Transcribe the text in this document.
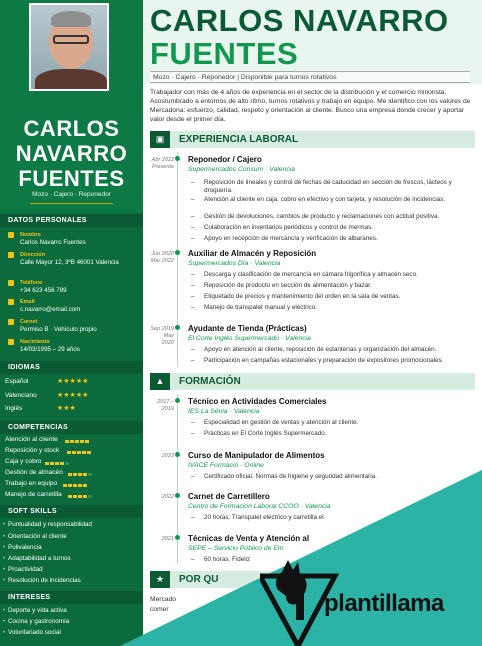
CARLOS
NAVARRO
FUENTES
Mozo · Cajero · Reponedor
DATOS PERSONALES
Nombre
Carlos Navarro Fuentes
Dirección
Calle Mayor 12, 3ºB 46001 Valencia
Teléfono
+34 623 456 789
Email
c.navarro@email.com
Carnet
Permiso B · Vehículo propio
Nacimiento
14/03/1995 – 29 años
IDIOMAS
Español	★★★★★
Valenciano	★★★★★
Inglés	★★★
COMPETENCIAS
Atención al cliente
Reposición y stock
Caja y cobro
Gestión de almacén
Trabajo en equipo
Manejo de carretilla
SOFT SKILLS
• Puntualidad y responsabilidad
• Orientación al cliente
• Polivalencia
• Adaptabilidad a turnos
• Proactividad
• Resolución de incidencias
INTERESES
• Deporte y vida activa
• Cocina y gastronomía
• Voluntariado social
CARLOS NAVARRO
FUENTES
Mozo · Cajero · Reponedor | Disponible para turnos rotativos
Trabajador con más de 4 años de experiencia en el sector de la distribución y el comercio minorista. Acostumbrado a entornos de alto ritmo, turnos rotativos y trabajo en equipo. Me identifico con los valores de Mercadona: esfuerzo, calidad, respeto y orientación al cliente. Busco una empresa donde crecer y aportar valor desde el primer día.
▣	EXPERIENCIA LABORAL
Abr 2022 Presente
Reponedor / Cajero
Supermercados Consum · Valencia
– Reposición de lineales y control de fechas de caducidad en sección de frescos, lácteos y droguería.
– Atención al cliente en caja, cobro en efectivo y con tarjeta, y resolución de incidencias.
– Gestión de devoluciones, cambios de producto y reclamaciones con actitud positiva.
– Colaboración en inventarios periódicos y control de mermas.
– Apoyo en recepción de mercancía y verificación de albaranes.
Jun 2020 Mar 2022
Auxiliar de Almacén y Reposición
Supermercados Día · Valencia
– Descarga y clasificación de mercancía en cámara frigorífica y almacén seco.
– Reposición de producto en sección de alimentación y bazar.
– Etiquetado de precios y mantenimiento del orden en la sala de ventas.
– Manejo de transpalet manual y eléctrico.
Sep 2019 May 2020
Ayudante de Tienda (Prácticas)
El Corte Inglés Supermercado · Valencia
– Apoyo en atención al cliente, reposición de estanterías y organización del almacén.
– Participación en campañas estacionales y preparación de expositores promocionales.
▲	FORMACIÓN
2017 – 2019
Técnico en Actividades Comerciales
IES La Sénia · Valencia
– Especialidad en gestión de ventas y atención al cliente.
– Prácticas en El Corte Inglés Supermercado.
2023 Curso de Manipulador de Alimentos
IVACE Formació · Online
– Certificado oficial. Normas de higiene y seguridad alimentaria.
2022 Carnet de Carretillero
Centro de Formación Laboral CCOO · Valencia
– 20 horas. Transpalet eléctrico y carretilla el
2021 Técnicas de Venta y Atención al
SEPE – Servicio Público de Em
– 60 horas. Fideliz
★	POR QU
Mercado
comer	plantillama
